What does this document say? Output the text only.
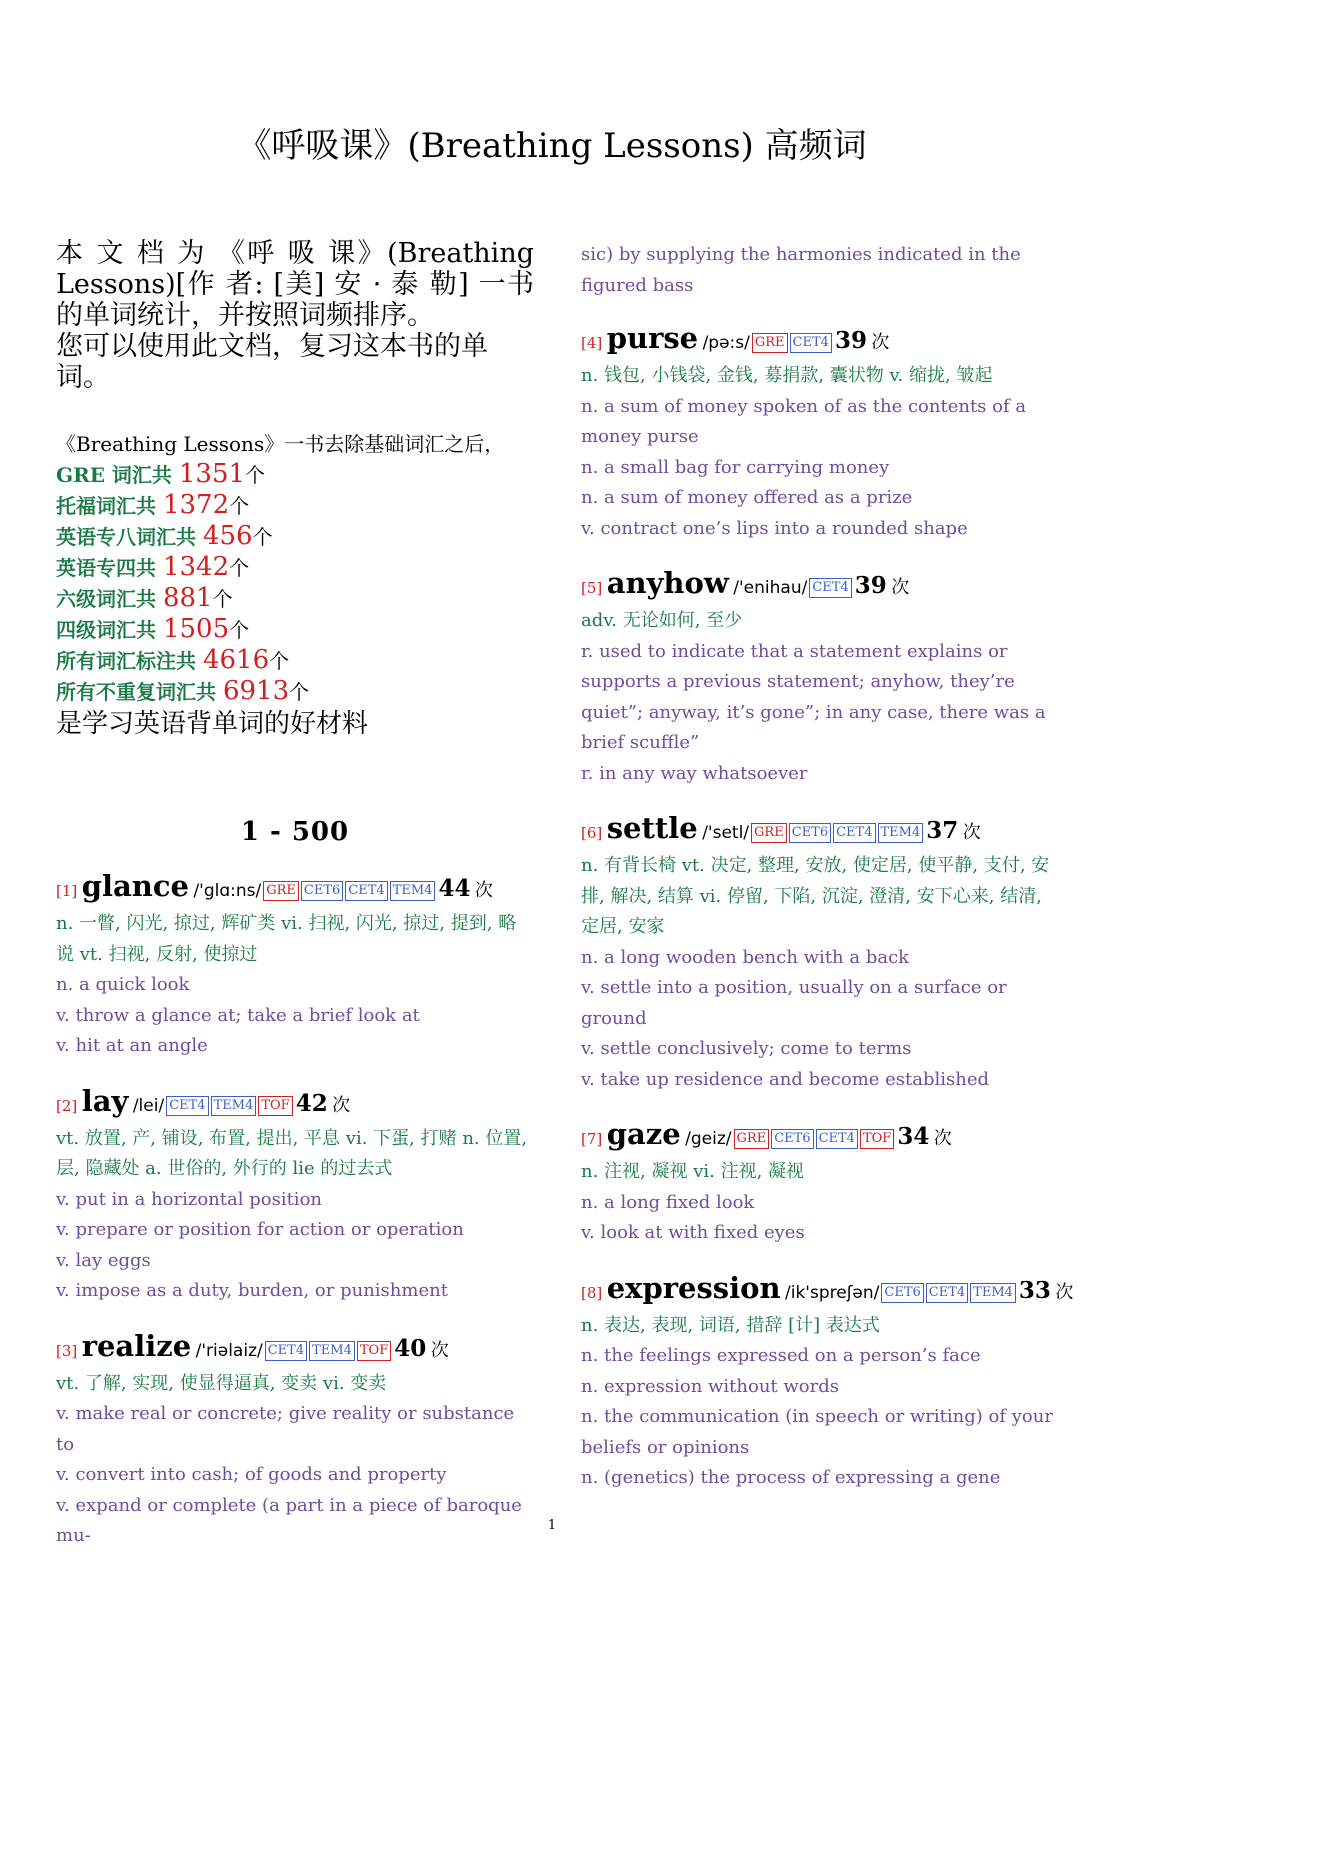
《呼吸课》(Breathing Lessons) 高频词

本 文 档 为 《呼 吸 课》(Breathing Lessons)[作 者: [美] 安 · 泰 勒] 一书的单词统计，并按照词频排序。

您可以使用此文档，复习这本书的单词。

《Breathing Lessons》一书去除基础词汇之后，
GRE 词汇共 1351个
托福词汇共 1372个
英语专八词汇共 456个
英语专四共 1342个
六级词汇共 881个
四级词汇共 1505个
所有词汇标注共 4616个
所有不重复词汇共 6913个
是学习英语背单词的好材料
1 - 500
[1] glance /'glɑ:ns/ GRE CET6 CET4 TEM4 44 次
n. 一瞥, 闪光, 掠过, 辉矿类 vi. 扫视, 闪光, 掠过, 提到, 略说 vt. 扫视, 反射, 使掠过
n. a quick look
v. throw a glance at; take a brief look at
v. hit at an angle
[2] lay /lei/ CET4 TEM4 TOF 42 次
vt. 放置, 产, 铺设, 布置, 提出, 平息 vi. 下蛋, 打赌 n. 位置, 层, 隐藏处 a. 世俗的, 外行的 lie 的过去式
v. put in a horizontal position
v. prepare or position for action or operation
v. lay eggs
v. impose as a duty, burden, or punishment
[3] realize /'riəlaiz/ CET4 TEM4 TOF 40 次
vt. 了解, 实现, 使显得逼真, 变卖 vi. 变卖
v. make real or concrete; give reality or substance to
v. convert into cash; of goods and property
v. expand or complete (a part in a piece of baroque mu-
sic) by supplying the harmonies indicated in the figured bass
[4] purse /pə:s/ GRE CET4 39 次
n. 钱包, 小钱袋, 金钱, 募捐款, 囊状物 v. 缩拢, 皱起
n. a sum of money spoken of as the contents of a money purse
n. a small bag for carrying money
n. a sum of money offered as a prize
v. contract one’s lips into a rounded shape
[5] anyhow /'enihau/ CET4 39 次
adv. 无论如何, 至少
r. used to indicate that a statement explains or supports a previous statement; anyhow, they’re quiet”; anyway, it’s gone”; in any case, there was a brief scuffle”
r. in any way whatsoever
[6] settle /'setl/ GRE CET6 CET4 TEM4 37 次
n. 有背长椅 vt. 决定, 整理, 安放, 使定居, 使平静, 支付, 安排, 解决, 结算 vi. 停留, 下陷, 沉淀, 澄清, 安下心来, 结清, 定居, 安家
n. a long wooden bench with a back
v. settle into a position, usually on a surface or ground
v. settle conclusively; come to terms
v. take up residence and become established
[7] gaze /geiz/ GRE CET6 CET4 TOF 34 次
n. 注视, 凝视 vi. 注视, 凝视
n. a long fixed look
v. look at with fixed eyes
[8] expression /ik'spreʃən/ CET6 CET4 TEM4 33 次
n. 表达, 表现, 词语, 措辞 [计] 表达式
n. the feelings expressed on a person’s face
n. expression without words
n. the communication (in speech or writing) of your beliefs or opinions
n. (genetics) the process of expressing a gene
1
